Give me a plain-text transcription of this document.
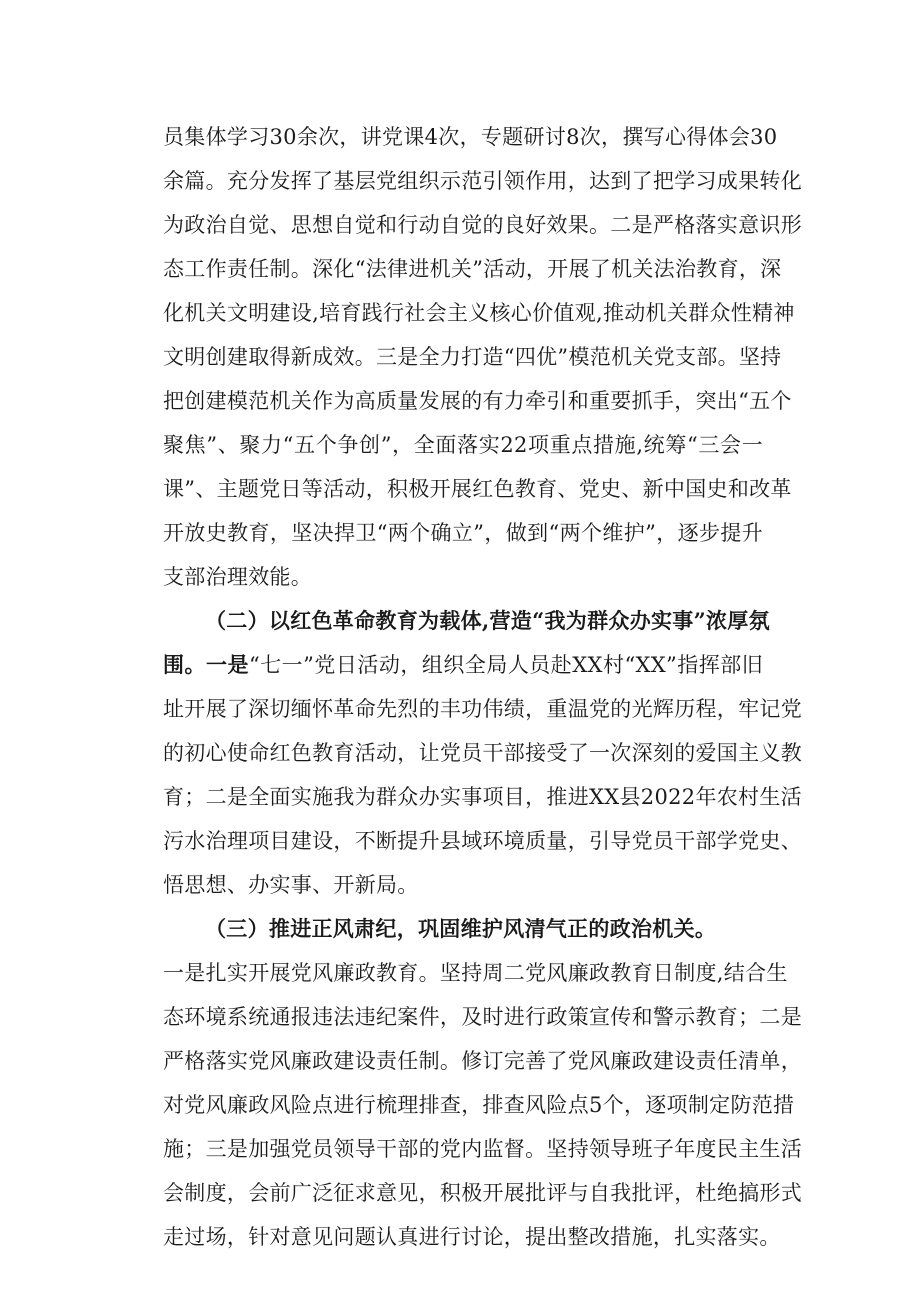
员集体学习30余次，讲党课4次，专题研讨8次，撰写心得体会30
余篇。充分发挥了基层党组织示范引领作用，达到了把学习成果转化
为政治自觉、思想自觉和行动自觉的良好效果。二是严格落实意识形
态工作责任制。深化“法律进机关”活动，开展了机关法治教育，深
化机关文明建设,培育践行社会主义核心价值观,推动机关群众性精神
文明创建取得新成效。三是全力打造“四优”模范机关党支部。坚持
把创建模范机关作为高质量发展的有力牵引和重要抓手，突出“五个
聚焦”、聚力“五个争创”，全面落实22项重点措施,统筹“三会一
课”、主题党日等活动，积极开展红色教育、党史、新中国史和改革
开放史教育，坚决捍卫“两个确立”，做到“两个维护”，逐步提升
支部治理效能。
（二）以红色革命教育为载体,营造“我为群众办实事”浓厚氛
围。一是“七一”党日活动，组织全局人员赴XX村“XX”指挥部旧
址开展了深切缅怀革命先烈的丰功伟绩，重温党的光辉历程，牢记党
的初心使命红色教育活动，让党员干部接受了一次深刻的爱国主义教
育；二是全面实施我为群众办实事项目，推进XX县2022年农村生活
污水治理项目建设，不断提升县域环境质量，引导党员干部学党史、
悟思想、办实事、开新局。
（三）推进正风肃纪，巩固维护风清气正的政治机关。
一是扎实开展党风廉政教育。坚持周二党风廉政教育日制度,结合生
态环境系统通报违法违纪案件，及时进行政策宣传和警示教育；二是
严格落实党风廉政建设责任制。修订完善了党风廉政建设责任清单，
对党风廉政风险点进行梳理排查，排查风险点5个，逐项制定防范措
施；三是加强党员领导干部的党内监督。坚持领导班子年度民主生活
会制度，会前广泛征求意见，积极开展批评与自我批评，杜绝搞形式
走过场，针对意见问题认真进行讨论，提出整改措施，扎实落实。
